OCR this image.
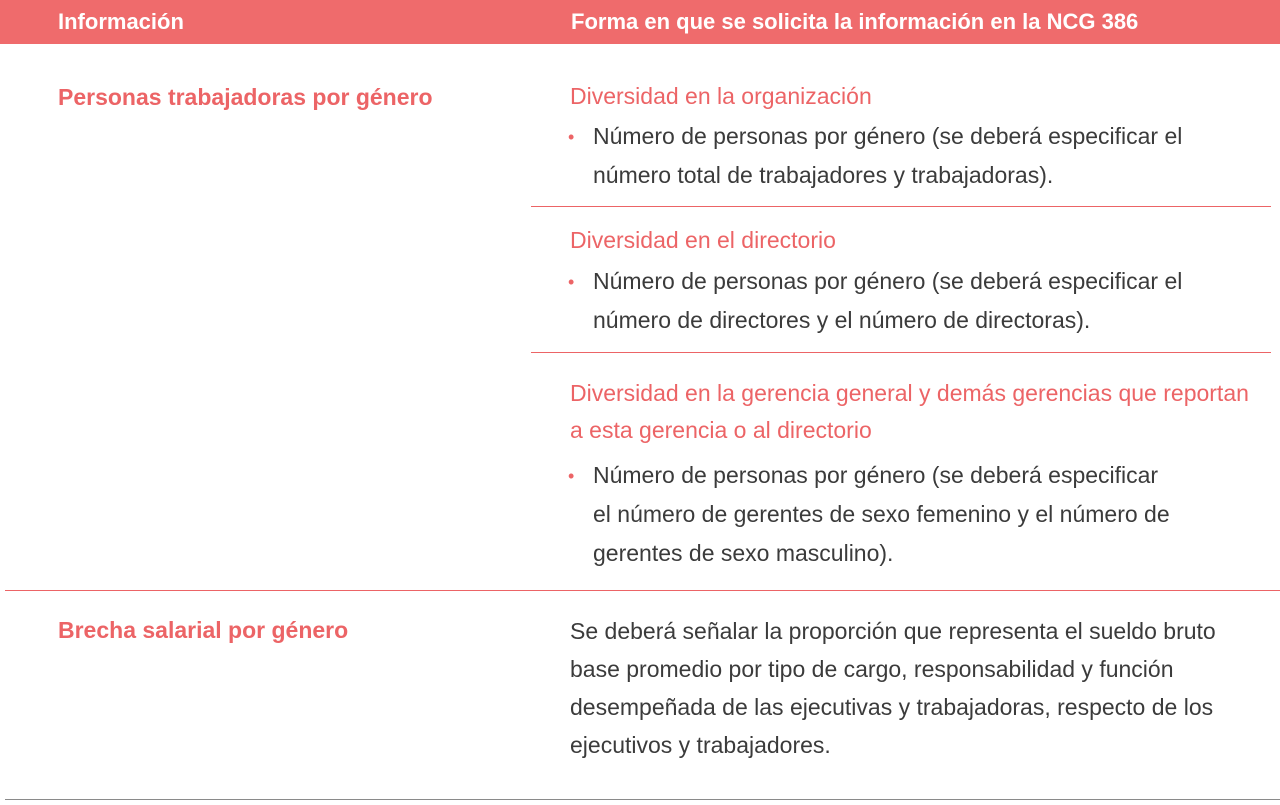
Información	Forma en que se solicita la información en la NCG 386
Personas trabajadoras por género	Diversidad en la organización
• Número de personas por género (se deberá especificar el
número total de trabajadores y trabajadoras).
Diversidad en el directorio
• Número de personas por género (se deberá especificar el
número de directores y el número de directoras).
Diversidad en la gerencia general y demás gerencias que reportan
a esta gerencia o al directorio
• Número de personas por género (se deberá especificar
el número de gerentes de sexo femenino y el número de
gerentes de sexo masculino).
Brecha salarial por género	Se deberá señalar la proporción que representa el sueldo bruto
base promedio por tipo de cargo, responsabilidad y función
desempeñada de las ejecutivas y trabajadoras, respecto de los
ejecutivos y trabajadores.
